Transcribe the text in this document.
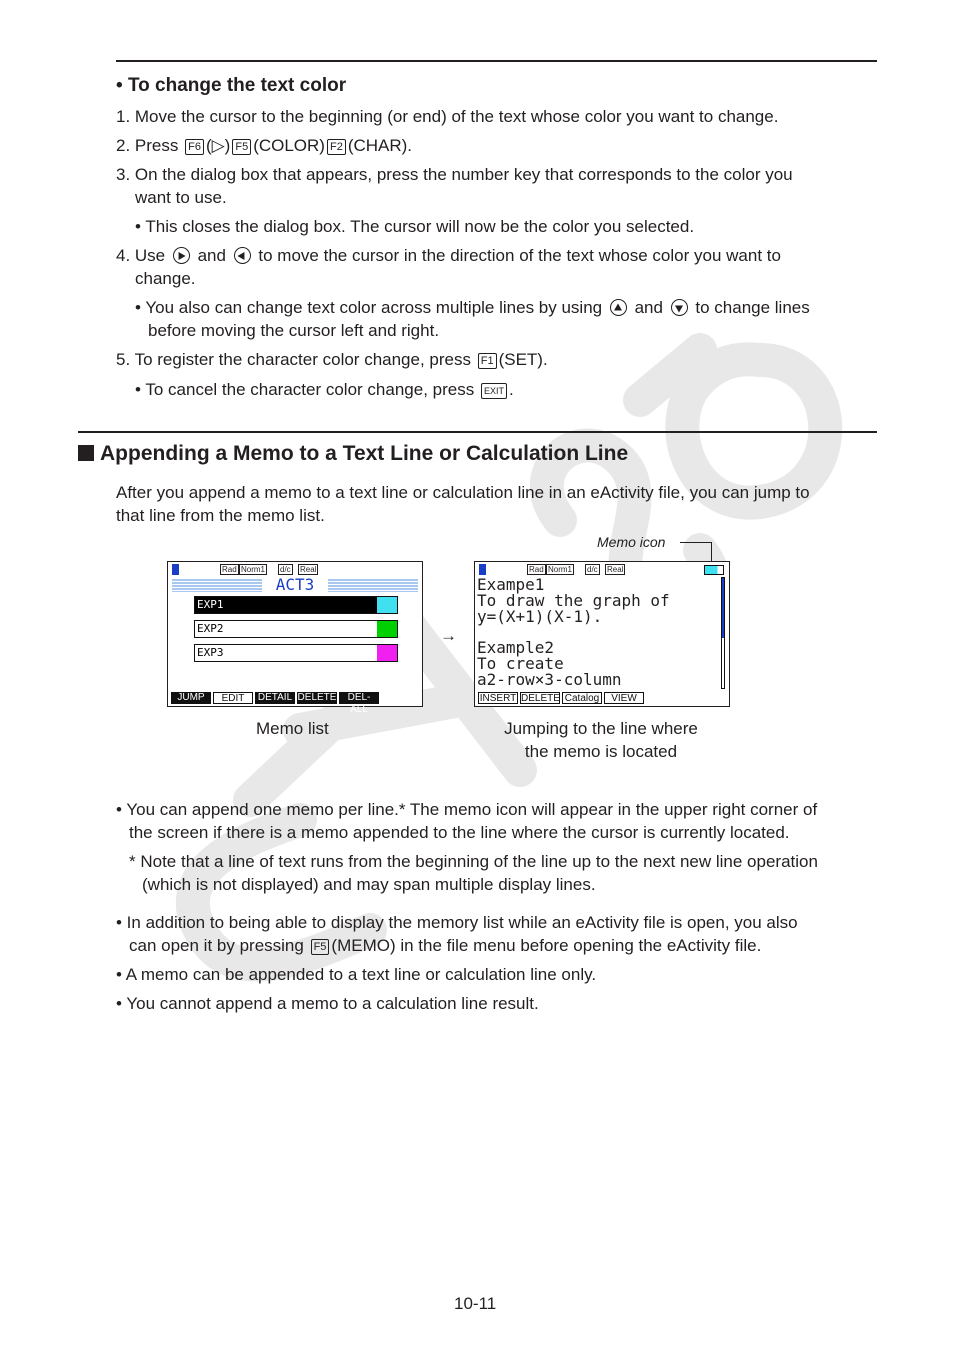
• To change the text color
1. Move the cursor to the beginning (or end) of the text whose color you want to change.
2. Press F6 (▷) F5 (COLOR) F2 (CHAR).
3. On the dialog box that appears, press the number key that corresponds to the color you
want to use.
• This closes the dialog box. The cursor will now be the color you selected.
4. Use  and  to move the cursor in the direction of the text whose color you want to
change.
• You also can change text color across multiple lines by using  and  to change lines
before moving the cursor left and right.
5. To register the character color change, press F1 (SET).
• To cancel the character color change, press EXIT .
Appending a Memo to a Text Line or Calculation Line
After you append a memo to a text line or calculation line in an eActivity file, you can jump to
that line from the memo list.
Memo icon
Rad Norm1 d/c Real
ACT3
EXP1
EXP2
EXP3
JUMP	EDIT	DETAIL DELETE	DEL-ALL
→
Rad Norm1 d/c Real
Exampe1
To draw the graph of
y=(X+1)(X-1).
Example2
To create
a2-row×3-column
INSERT DELETE Catalog	VIEW
Memo list	Jumping to the line where
the memo is located
• You can append one memo per line.* The memo icon will appear in the upper right corner of
the screen if there is a memo appended to the line where the cursor is currently located.
* Note that a line of text runs from the beginning of the line up to the next new line operation
(which is not displayed) and may span multiple display lines.
• In addition to being able to display the memory list while an eActivity file is open, you also
can open it by pressing F5 (MEMO) in the file menu before opening the eActivity file.
• A memo can be appended to a text line or calculation line only.
• You cannot append a memo to a calculation line result.
10-11
